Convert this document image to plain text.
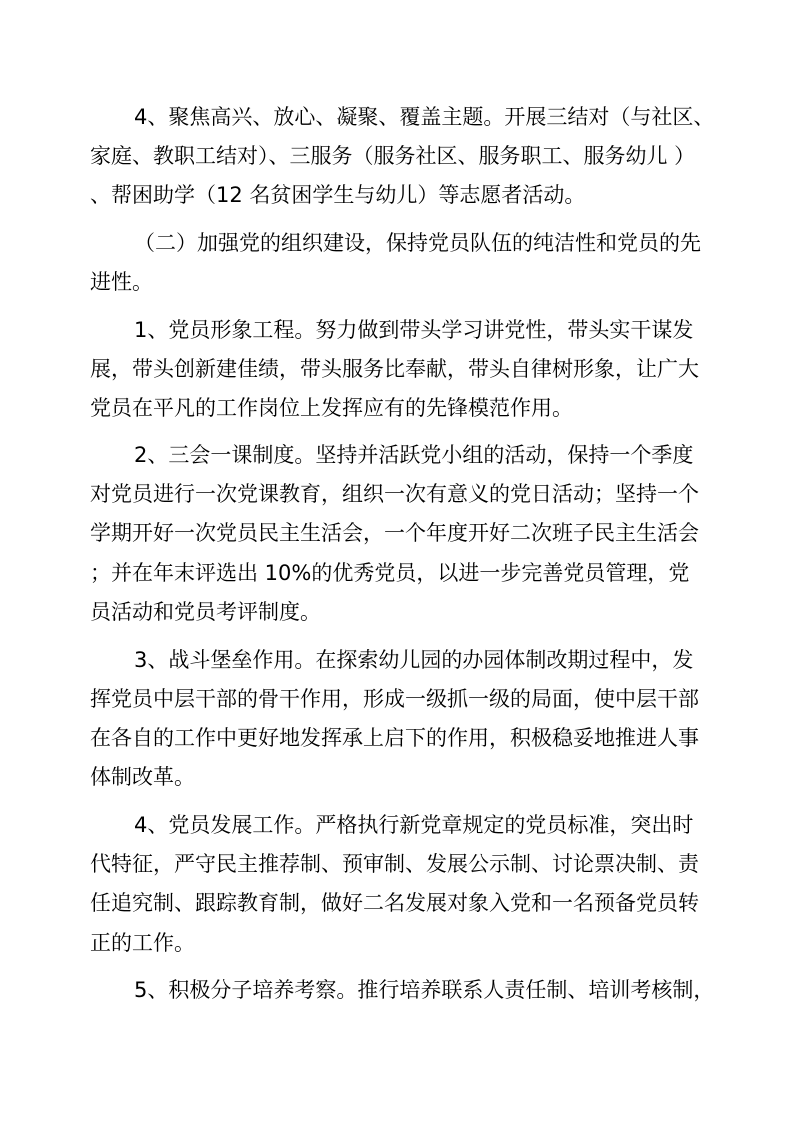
4、聚焦高兴、放心、凝聚、覆盖主题。开展三结对（与社区、
家庭、教职工结对）、三服务（服务社区、服务职工、服务幼儿 ）
、帮困助学（12 名贫困学生与幼儿）等志愿者活动。
（二）加强党的组织建设，保持党员队伍的纯洁性和党员的先
进性。
1、党员形象工程。努力做到带头学习讲党性，带头实干谋发
展，带头创新建佳绩，带头服务比奉献，带头自律树形象，让广大
党员在平凡的工作岗位上发挥应有的先锋模范作用。
2、三会一课制度。坚持并活跃党小组的活动，保持一个季度
对党员进行一次党课教育，组织一次有意义的党日活动；坚持一个
学期开好一次党员民主生活会，一个年度开好二次班子民主生活会
；并在年末评选出 10%的优秀党员，以进一步完善党员管理，党
员活动和党员考评制度。
3、战斗堡垒作用。在探索幼儿园的办园体制改期过程中，发
挥党员中层干部的骨干作用，形成一级抓一级的局面，使中层干部
在各自的工作中更好地发挥承上启下的作用，积极稳妥地推进人事
体制改革。
4、党员发展工作。严格执行新党章规定的党员标准，突出时
代特征，严守民主推荐制、预审制、发展公示制、讨论票决制、责
任追究制、跟踪教育制，做好二名发展对象入党和一名预备党员转
正的工作。
5、积极分子培养考察。推行培养联系人责任制、培训考核制，
